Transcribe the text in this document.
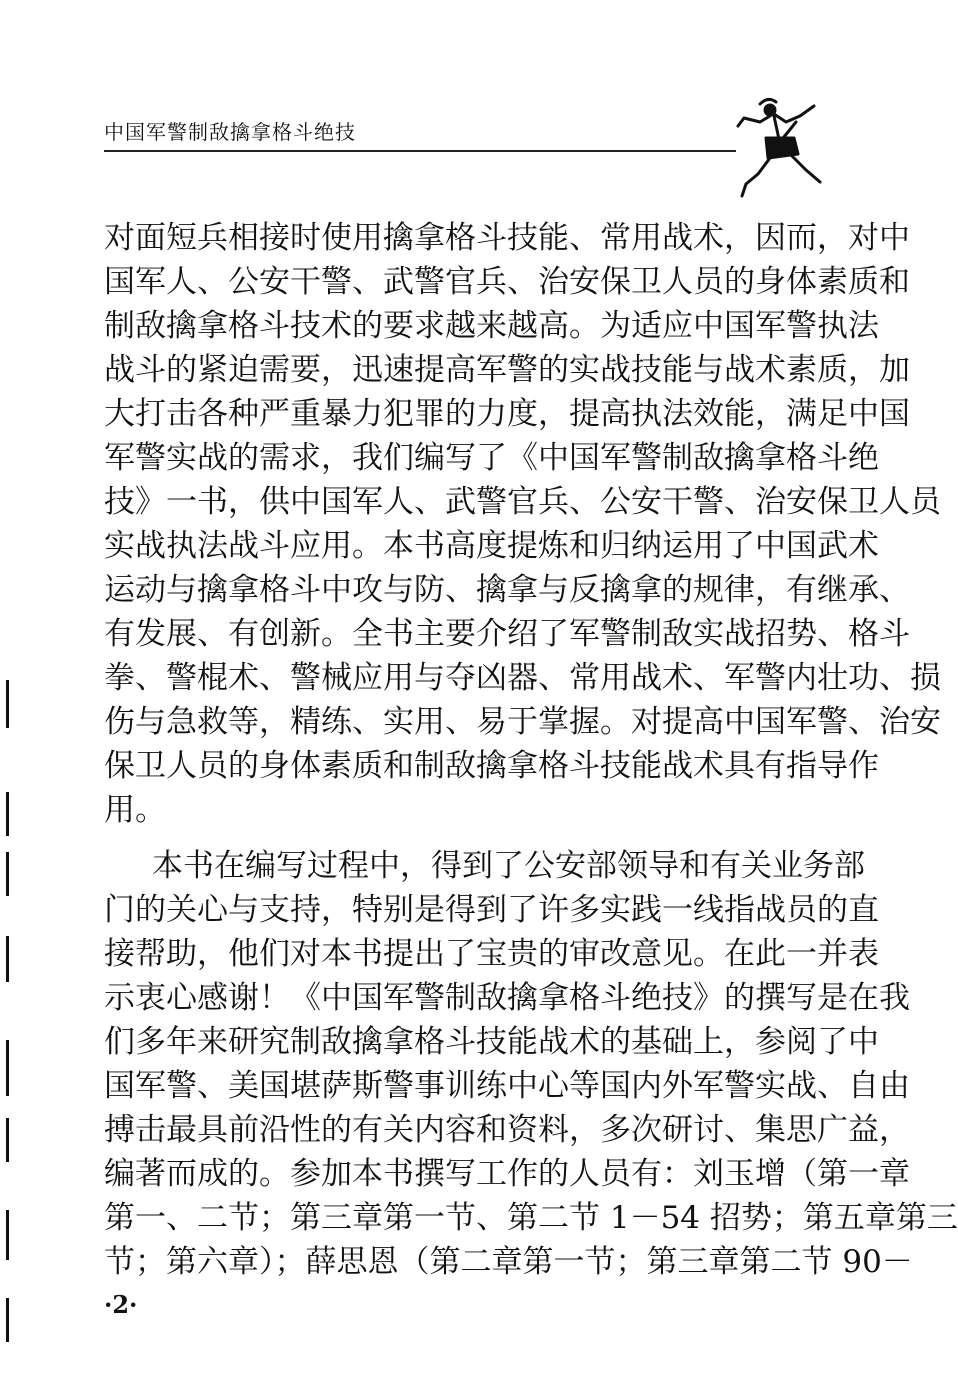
中国军警制敌擒拿格斗绝技
对面短兵相接时使用擒拿格斗技能、常用战术，因而，对中
国军人、公安干警、武警官兵、治安保卫人员的身体素质和
制敌擒拿格斗技术的要求越来越高。为适应中国军警执法
战斗的紧迫需要，迅速提高军警的实战技能与战术素质，加
大打击各种严重暴力犯罪的力度，提高执法效能，满足中国
军警实战的需求，我们编写了《中国军警制敌擒拿格斗绝
技》一书，供中国军人、武警官兵、公安干警、治安保卫人员
实战执法战斗应用。本书高度提炼和归纳运用了中国武术
运动与擒拿格斗中攻与防、擒拿与反擒拿的规律，有继承、
有发展、有创新。全书主要介绍了军警制敌实战招势、格斗
拳、警棍术、警械应用与夺凶器、常用战术、军警内壮功、损
伤与急救等，精练、实用、易于掌握。对提高中国军警、治安
保卫人员的身体素质和制敌擒拿格斗技能战术具有指导作
用。
本书在编写过程中，得到了公安部领导和有关业务部
门的关心与支持，特别是得到了许多实践一线指战员的直
接帮助，他们对本书提出了宝贵的审改意见。在此一并表
示衷心感谢！《中国军警制敌擒拿格斗绝技》的撰写是在我
们多年来研究制敌擒拿格斗技能战术的基础上，参阅了中
国军警、美国堪萨斯警事训练中心等国内外军警实战、自由
搏击最具前沿性的有关内容和资料，多次研讨、集思广益，
编著而成的。参加本书撰写工作的人员有：刘玉增（第一章
第一、二节；第三章第一节、第二节 1－54 招势；第五章第三
节；第六章）；薛思恩（第二章第一节；第三章第二节 90－
·2·
